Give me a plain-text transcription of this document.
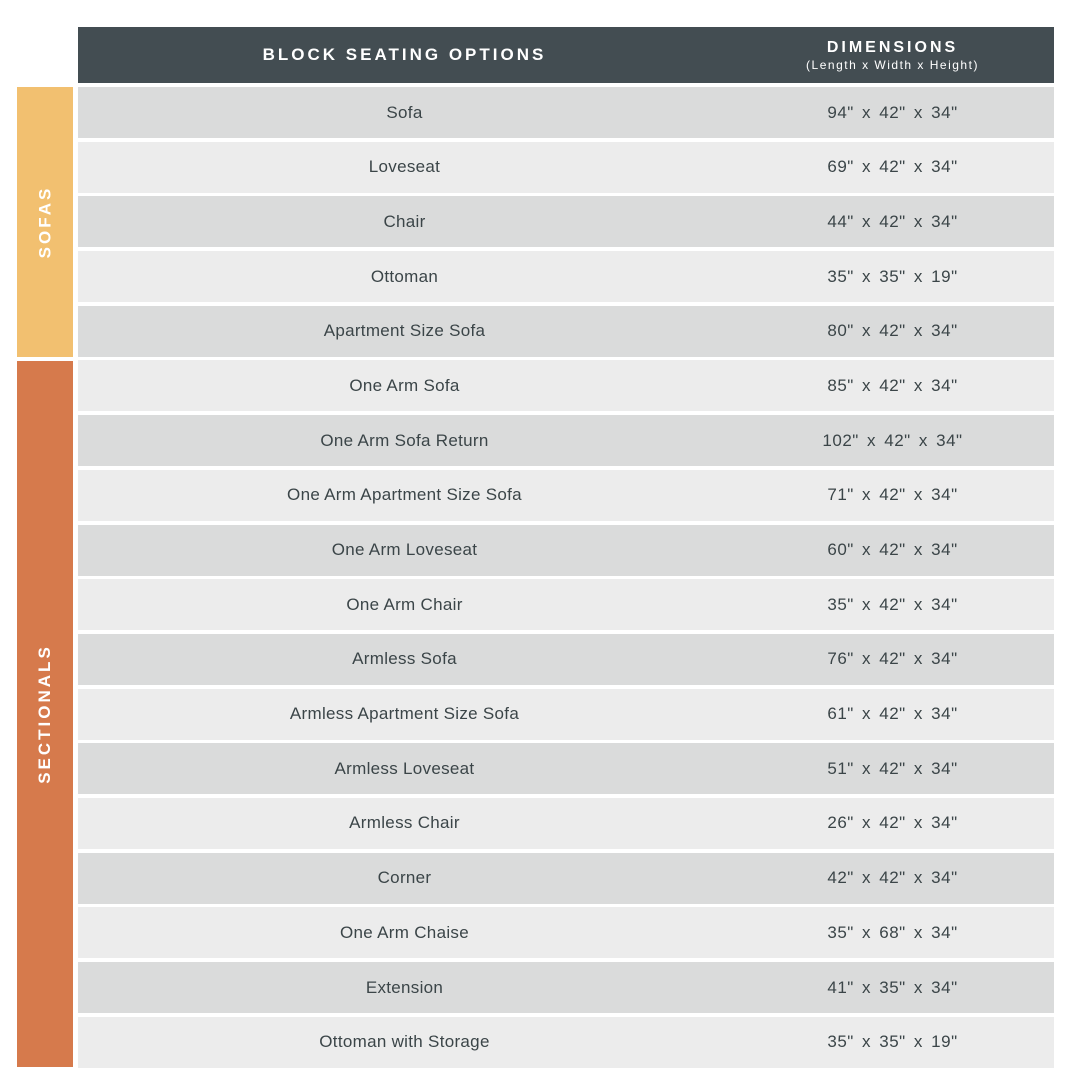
BLOCK SEATING OPTIONS	DIMENSIONS
(Length x Width x Height)
SOFAS
SECTIONALS
Sofa	94" x 42" x 34"
Loveseat	69" x 42" x 34"
Chair	44" x 42" x 34"
Ottoman	35" x 35" x 19"
Apartment Size Sofa	80" x 42" x 34"
One Arm Sofa	85" x 42" x 34"
One Arm Sofa Return	102" x 42" x 34"
One Arm Apartment Size Sofa	71" x 42" x 34"
One Arm Loveseat	60" x 42" x 34"
One Arm Chair	35" x 42" x 34"
Armless Sofa	76" x 42" x 34"
Armless Apartment Size Sofa	61" x 42" x 34"
Armless Loveseat	51" x 42" x 34"
Armless Chair	26" x 42" x 34"
Corner	42" x 42" x 34"
One Arm Chaise	35" x 68" x 34"
Extension	41" x 35" x 34"
Ottoman with Storage	35" x 35" x 19"
